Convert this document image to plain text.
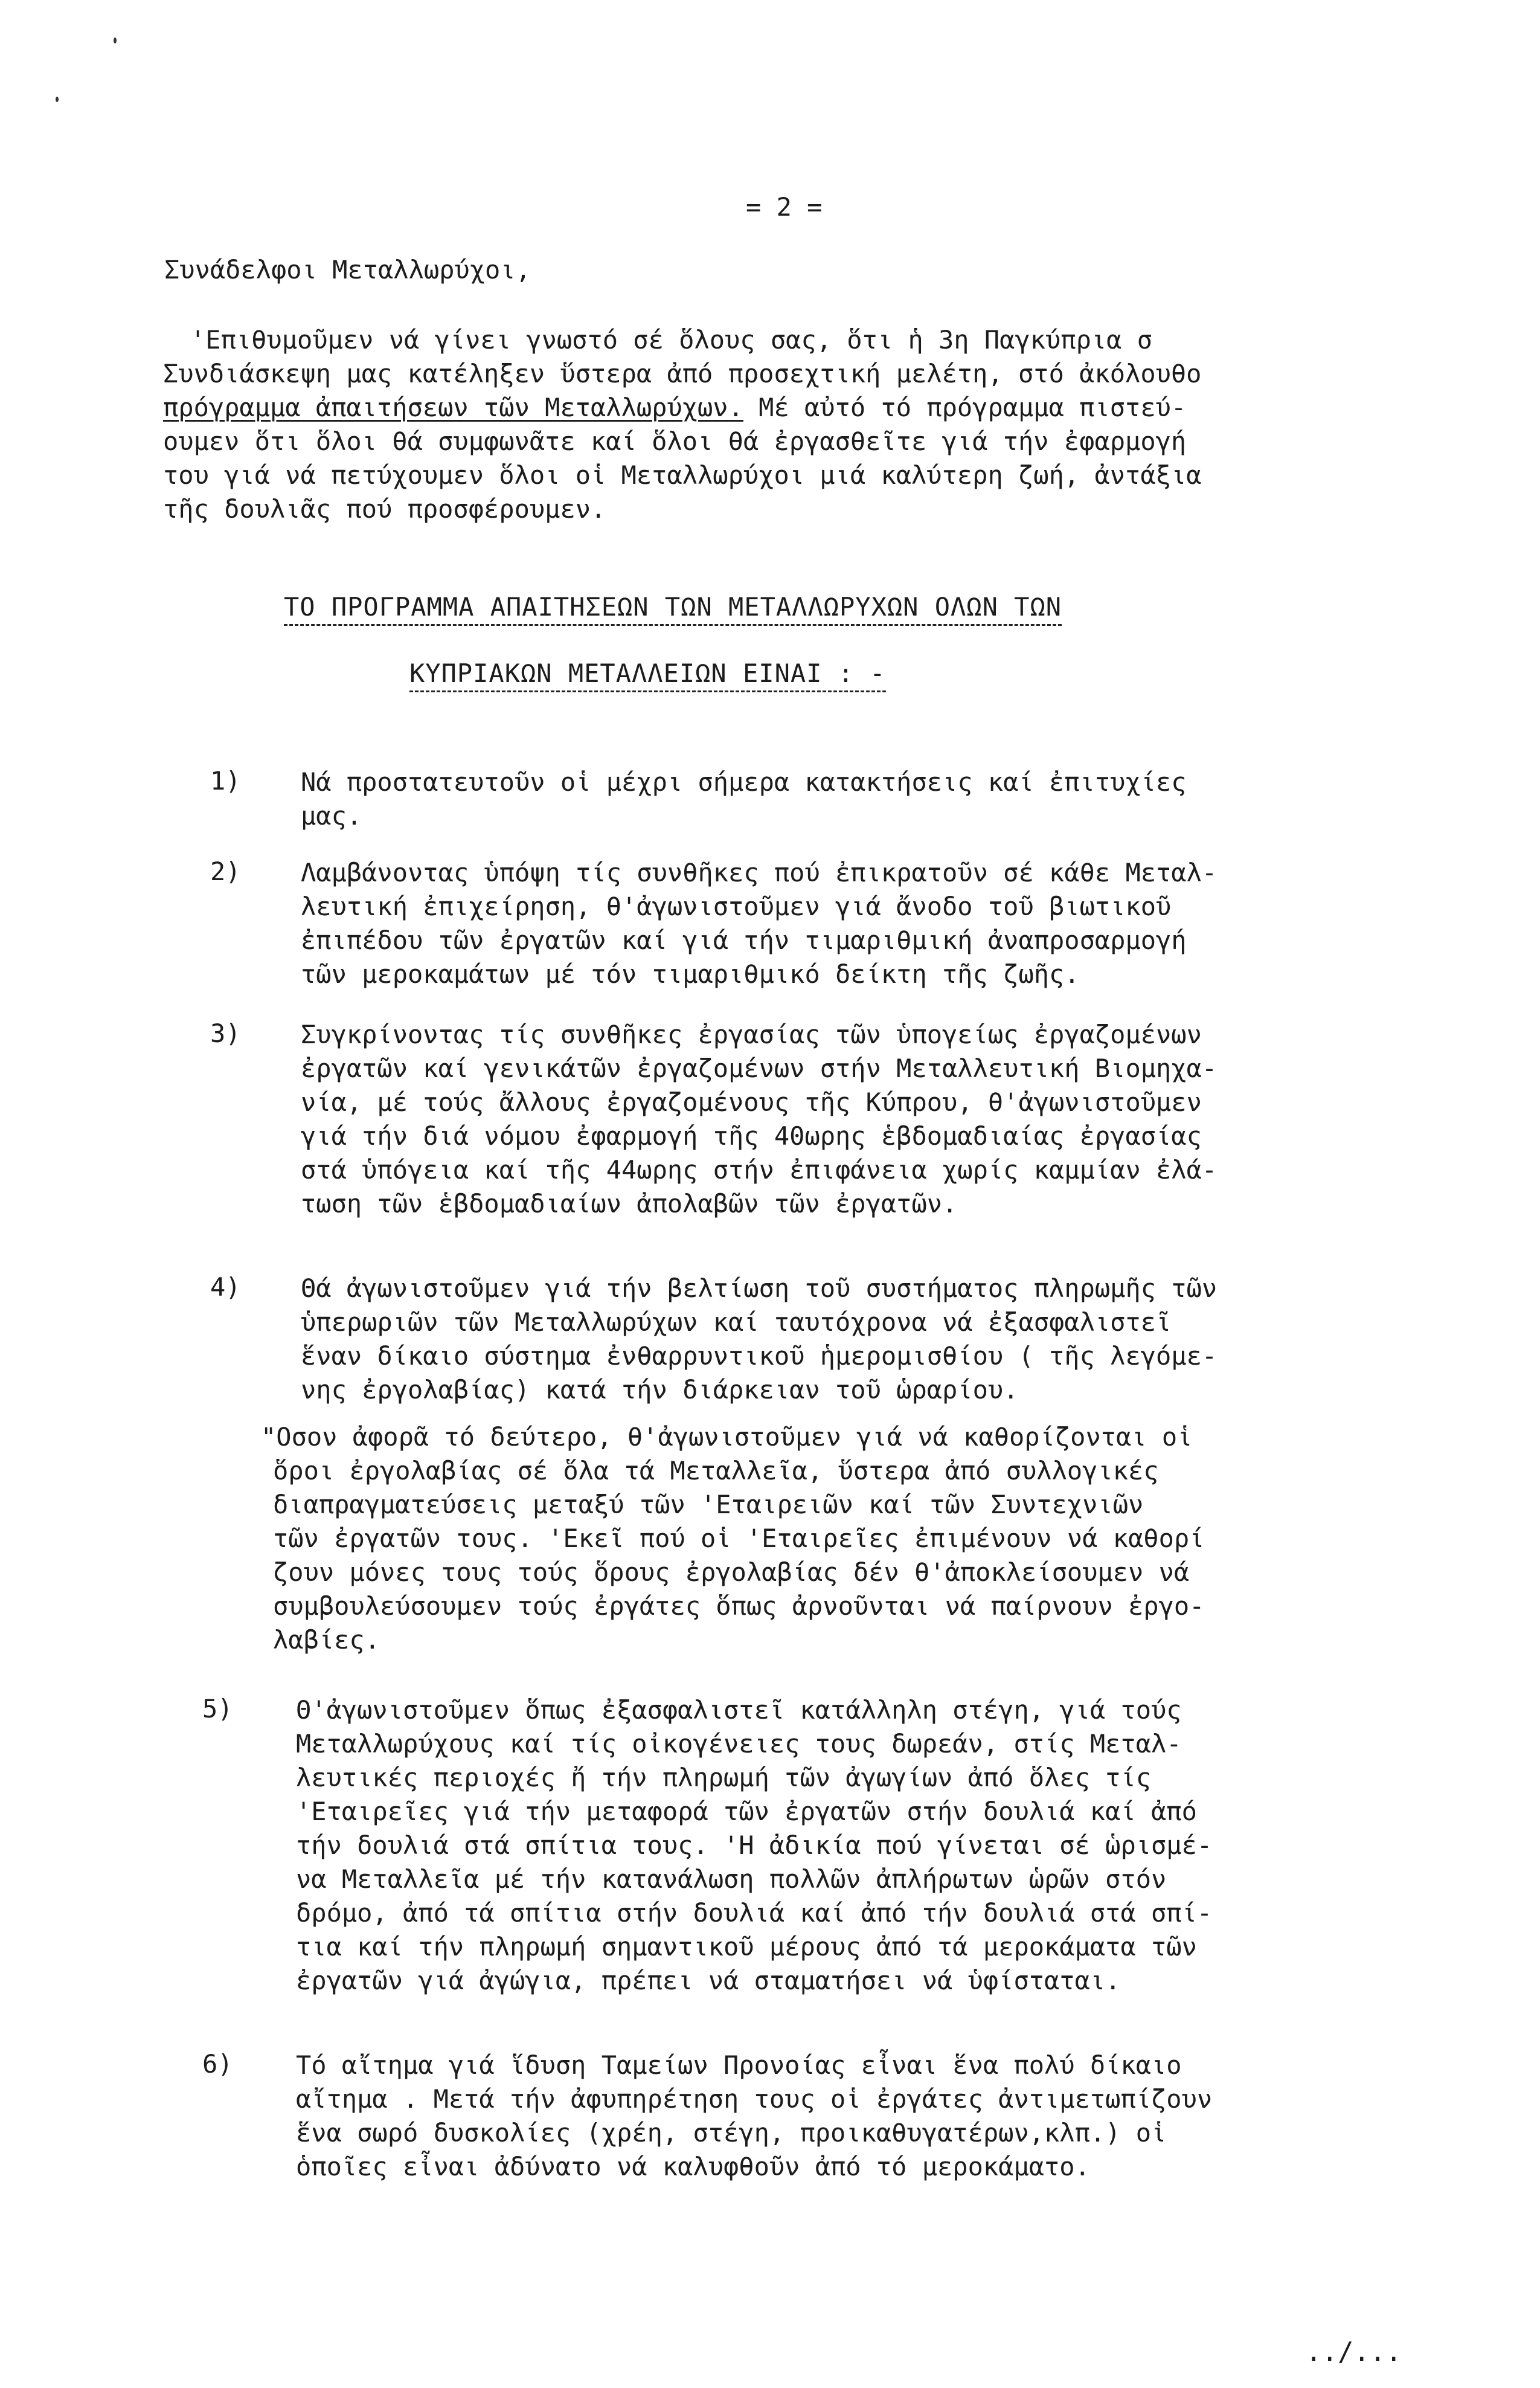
= 2 =
Συνάδελφοι Μεταλλωρύχοι,
'Επιθυμοῦμεν νά γίνει γνωστό σέ ὅλους σας, ὅτι ἡ 3η Παγκύπρια σ
Συνδιάσκεψη μας κατέληξεν ὕστερα ἀπό προσεχτική μελέτη, στό ἀκόλουθο
πρόγραμμα ἀπαιτήσεων τῶν Μεταλλωρύχων. Μέ αὐτό τό πρόγραμμα πιστεύ-
ουμεν ὅτι ὅλοι θά συμφωνᾶτε καί ὅλοι θά ἐργασθεῖτε γιά τήν ἐφαρμογή
του γιά νά πετύχουμεν ὅλοι οἱ Μεταλλωρύχοι μιά καλύτερη ζωή, ἀντάξια
τῆς δουλιᾶς πού προσφέρουμεν.
ΤΟ ΠΡΟΓΡΑΜΜΑ ΑΠΑΙΤΗΣΕΩΝ ΤΩΝ ΜΕΤΑΛΛΩΡΥΧΩΝ ΟΛΩΝ ΤΩΝ
ΚΥΠΡΙΑΚΩΝ ΜΕΤΑΛΛΕΙΩΝ ΕΙΝΑΙ : -
1) Νά προστατευτοῦν οἱ μέχρι σήμερα κατακτήσεις καί ἐπιτυχίες
μας.
2) Λαμβάνοντας ὑπόψη τίς συνθῆκες πού ἐπικρατοῦν σέ κάθε Μεταλ-
λευτική ἐπιχείρηση, θ'ἀγωνιστοῦμεν γιά ἄνοδο τοῦ βιωτικοῦ
ἐπιπέδου τῶν ἐργατῶν καί γιά τήν τιμαριθμική ἀναπροσαρμογή
τῶν μεροκαμάτων μέ τόν τιμαριθμικό δείκτη τῆς ζωῆς.
3) Συγκρίνοντας τίς συνθῆκες ἐργασίας τῶν ὑπογείως ἐργαζομένων
ἐργατῶν καί γενικάτῶν ἐργαζομένων στήν Μεταλλευτική Βιομηχα-
νία, μέ τούς ἄλλους ἐργαζομένους τῆς Κύπρου, θ'ἀγωνιστοῦμεν
γιά τήν διά νόμου ἐφαρμογή τῆς 40ωρης ἑβδομαδιαίας ἐργασίας
στά ὑπόγεια καί τῆς 44ωρης στήν ἐπιφάνεια χωρίς καμμίαν ἐλά-
τωση τῶν ἑβδομαδιαίων ἀπολαβῶν τῶν ἐργατῶν.
4) Θά ἀγωνιστοῦμεν γιά τήν βελτίωση τοῦ συστήματος πληρωμῆς τῶν
ὑπερωριῶν τῶν Μεταλλωρύχων καί ταυτόχρονα νά ἐξασφαλιστεῖ
ἕναν δίκαιο σύστημα ἐνθαρρυντικοῦ ἡμερομισθίου ( τῆς λεγόμε-
νης ἐργολαβίας) κατά τήν διάρκειαν τοῦ ὡραρίου.
"Οσον ἀφορᾶ τό δεύτερο, θ'ἀγωνιστοῦμεν γιά νά καθορίζονται οἱ
ὅροι ἐργολαβίας σέ ὅλα τά Μεταλλεῖα, ὕστερα ἀπό συλλογικές
διαπραγματεύσεις μεταξύ τῶν 'Εταιρειῶν καί τῶν Συντεχνιῶν
τῶν ἐργατῶν τους. 'Εκεῖ πού οἱ 'Εταιρεῖες ἐπιμένουν νά καθορί
ζουν μόνες τους τούς ὅρους ἐργολαβίας δέν θ'ἀποκλείσουμεν νά
συμβουλεύσουμεν τούς ἐργάτες ὅπως ἀρνοῦνται νά παίρνουν ἐργο-
λαβίες.
5) Θ'ἀγωνιστοῦμεν ὅπως ἐξασφαλιστεῖ κατάλληλη στέγη, γιά τούς
Μεταλλωρύχους καί τίς οἰκογένειες τους δωρεάν, στίς Μεταλ-
λευτικές περιοχές ἤ τήν πληρωμή τῶν ἀγωγίων ἀπό ὅλες τίς
'Εταιρεῖες γιά τήν μεταφορά τῶν ἐργατῶν στήν δουλιά καί ἀπό
τήν δουλιά στά σπίτια τους. 'Η ἀδικία πού γίνεται σέ ὡρισμέ-
να Μεταλλεῖα μέ τήν κατανάλωση πολλῶν ἀπλήρωτων ὡρῶν στόν
δρόμο, ἀπό τά σπίτια στήν δουλιά καί ἀπό τήν δουλιά στά σπί-
τια καί τήν πληρωμή σημαντικοῦ μέρους ἀπό τά μεροκάματα τῶν
ἐργατῶν γιά ἀγώγια, πρέπει νά σταματήσει νά ὑφίσταται.
6) Τό αἴτημα γιά ἵδυση Ταμείων Προνοίας εἶναι ἕνα πολύ δίκαιο
αἴτημα . Μετά τήν ἀφυπηρέτηση τους οἱ ἐργάτες ἀντιμετωπίζουν
ἕνα σωρό δυσκολίες (χρέη, στέγη, προικαθυγατέρων,κλπ.) οἱ
ὁποῖες εἶναι ἀδύνατο νά καλυφθοῦν ἀπό τό μεροκάματο.
../...
